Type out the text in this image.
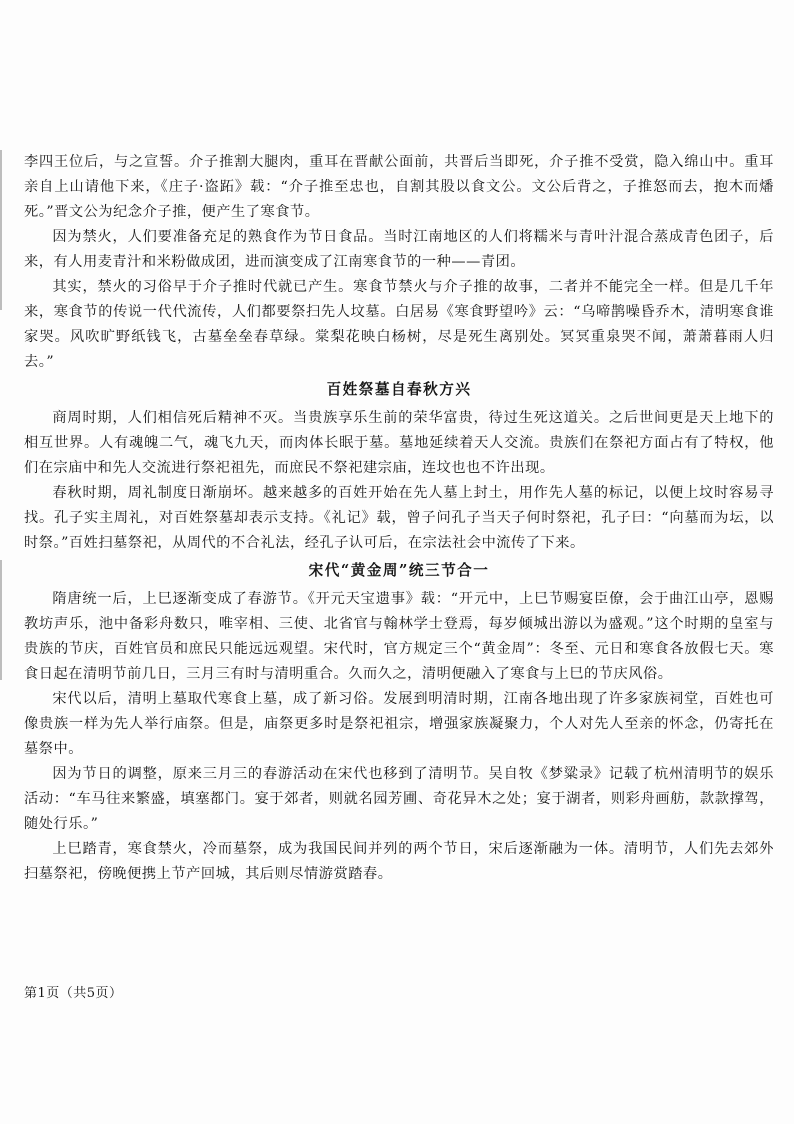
李四王位后，与之宣誓。介子推割大腿肉，重耳在晋献公面前，共晋后当即死，介子推不受赏，隐入绵山中。重耳亲自上山请他下来，《庄子·盗跖》载：“介子推至忠也，自割其股以食文公。文公后背之，子推怒而去，抱木而燔死。”晋文公为纪念介子推，便产生了寒食节。

因为禁火，人们要准备充足的熟食作为节日食品。当时江南地区的人们将糯米与青叶汁混合蒸成青色团子，后来，有人用麦青汁和米粉做成团，进而演变成了江南寒食节的一种——青团。

其实，禁火的习俗早于介子推时代就已产生。寒食节禁火与介子推的故事，二者并不能完全一样。但是几千年来，寒食节的传说一代代流传，人们都要祭扫先人坟墓。白居易《寒食野望吟》云：“乌啼鹊噪昏乔木，清明寒食谁家哭。风吹旷野纸钱飞，古墓垒垒春草绿。棠梨花映白杨树，尽是死生离别处。冥冥重泉哭不闻，萧萧暮雨人归去。”

百姓祭墓自春秋方兴

商周时期，人们相信死后精神不灭。当贵族享乐生前的荣华富贵，待过生死这道关。之后世间更是天上地下的相互世界。人有魂魄二气，魂飞九天，而肉体长眠于墓。墓地延续着天人交流。贵族们在祭祀方面占有了特权，他们在宗庙中和先人交流进行祭祀祖先，而庶民不祭祀建宗庙，连坟也也不许出现。

春秋时期，周礼制度日渐崩坏。越来越多的百姓开始在先人墓上封土，用作先人墓的标记，以便上坟时容易寻找。孔子实主周礼，对百姓祭墓却表示支持。《礼记》载，曾子问孔子当天子何时祭祀，孔子曰：“向墓而为坛，以时祭。”百姓扫墓祭祀，从周代的不合礼法，经孔子认可后，在宗法社会中流传了下来。

宋代“黄金周”统三节合一

隋唐统一后，上巳逐渐变成了春游节。《开元天宝遗事》载：“开元中，上巳节赐宴臣僚，会于曲江山亭，恩赐教坊声乐，池中备彩舟数只，唯宰相、三使、北省官与翰林学士登焉，每岁倾城出游以为盛观。”这个时期的皇室与贵族的节庆，百姓官员和庶民只能远远观望。宋代时，官方规定三个“黄金周”：冬至、元日和寒食各放假七天。寒食日起在清明节前几日，三月三有时与清明重合。久而久之，清明便融入了寒食与上巳的节庆风俗。

宋代以后，清明上墓取代寒食上墓，成了新习俗。发展到明清时期，江南各地出现了许多家族祠堂，百姓也可像贵族一样为先人举行庙祭。但是，庙祭更多时是祭祀祖宗，增强家族凝聚力，个人对先人至亲的怀念，仍寄托在墓祭中。

因为节日的调整，原来三月三的春游活动在宋代也移到了清明节。吴自牧《梦粱录》记载了杭州清明节的娱乐活动：“车马往来繁盛，填塞都门。宴于郊者，则就名园芳圃、奇花异木之处；宴于湖者，则彩舟画舫，款款撑驾，随处行乐。”

上巳踏青，寒食禁火，冷而墓祭，成为我国民间并列的两个节日，宋后逐渐融为一体。清明节，人们先去郊外扫墓祭祀，傍晚便携上节产回城，其后则尽情游赏踏春。

第1页（共5页）
